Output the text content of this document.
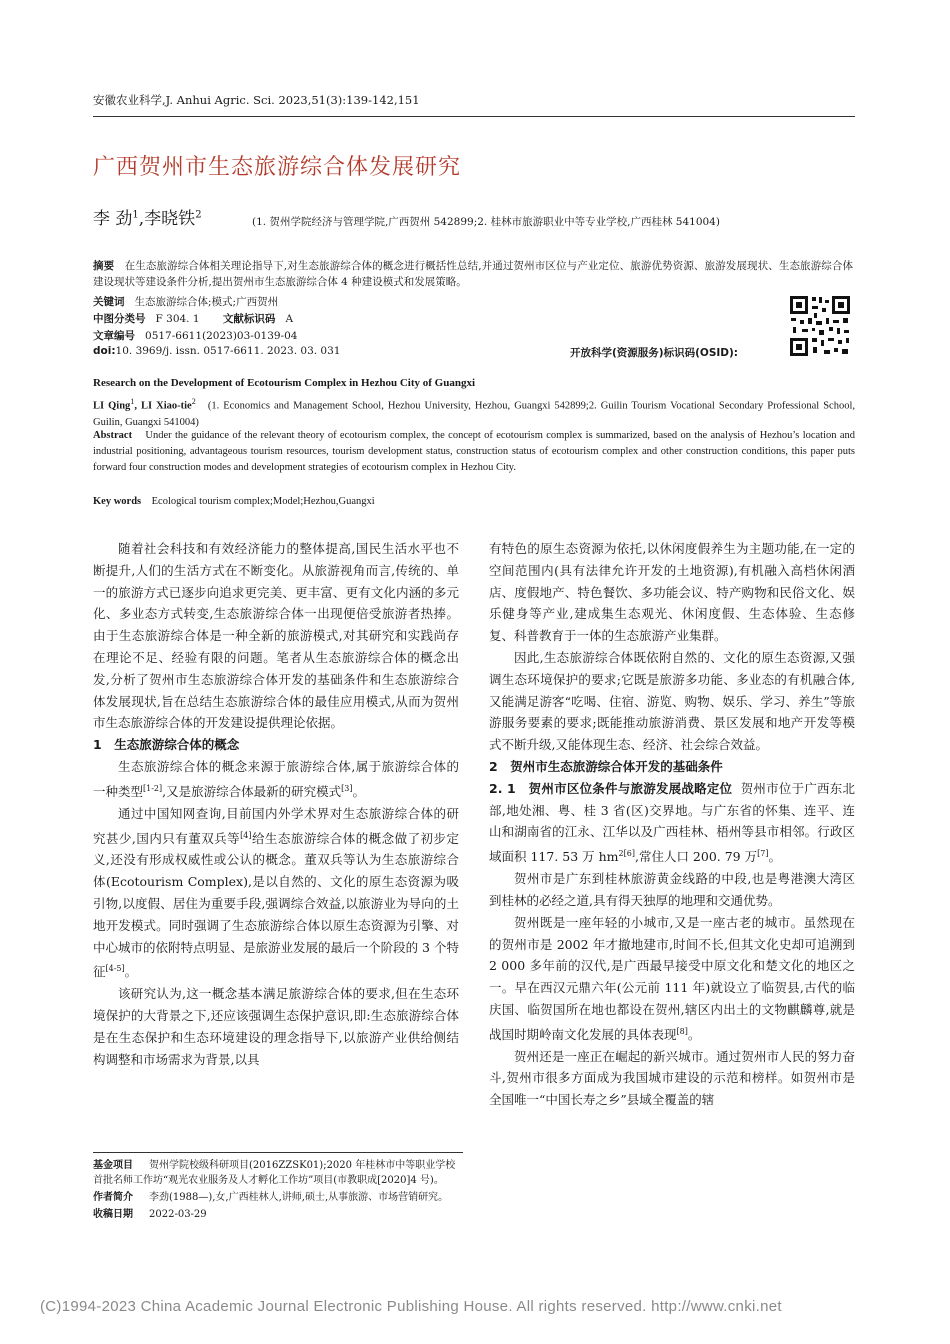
安徽农业科学,J. Anhui Agric. Sci. 2023,51(3):139-142,151
广西贺州市生态旅游综合体发展研究
李 劲$^1$,李晓铁$^2$
(1. 贺州学院经济与管理学院,广西贺州 542899;2. 桂林市旅游职业中等专业学校,广西桂林 541004)
摘要 在生态旅游综合体相关理论指导下,对生态旅游综合体的概念进行概括性总结,并通过贺州市区位与产业定位、旅游优势资源、旅游发展现状、生态旅游综合体建设现状等建设条件分析,提出贺州市生态旅游综合体 4 种建设模式和发展策略。
关键词 生态旅游综合体;模式;广西贺州
中图分类号 F 304. 1 文献标识码 A
文章编号 0517-6611(2023)03-0139-04
doi:10. 3969/j. issn. 0517-6611. 2023. 03. 031	开放科学(资源服务)标识码(OSID):
Research on the Development of Ecotourism Complex in Hezhou City of Guangxi
LI Qing$^1$, LI Xiao-tie$^2$ (1. Economics and Management School, Hezhou University, Hezhou, Guangxi 542899;2. Guilin Tourism Vocational Secondary Professional School, Guilin, Guangxi 541004)
Abstract Under the guidance of the relevant theory of ecotourism complex, the concept of ecotourism complex is summarized, based on the analysis of Hezhou’s location and industrial positioning, advantageous tourism resources, tourism development status, construction status of ecotourism complex and other construction conditions, this paper puts forward four construction modes and development strategies of ecotourism complex in Hezhou City.
Key words Ecological tourism complex;Model;Hezhou,Guangxi

随着社会科技和有效经济能力的整体提高,国民生活水平也不断提升,人们的生活方式在不断变化。从旅游视角而言,传统的、单一的旅游方式已逐步向追求更完美、更丰富、更有文化内涵的多元化、多业态方式转变,生态旅游综合体一出现便倍受旅游者热捧。由于生态旅游综合体是一种全新的旅游模式,对其研究和实践尚存在理论不足、经验有限的问题。笔者从生态旅游综合体的概念出发,分析了贺州市生态旅游综合体开发的基础条件和生态旅游综合体发展现状,旨在总结生态旅游综合体的最佳应用模式,从而为贺州市生态旅游综合体的开发建设提供理论依据。

1　生态旅游综合体的概念

生态旅游综合体的概念来源于旅游综合体,属于旅游综合体的一种类型[1-2],又是旅游综合体最新的研究模式[3]。

通过中国知网查询,目前国内外学术界对生态旅游综合体的研究甚少,国内只有董双兵等[4]给生态旅游综合体的概念做了初步定义,还没有形成权威性或公认的概念。董双兵等认为生态旅游综合体(Ecotourism Complex),是以自然的、文化的原生态资源为吸引物,以度假、居住为重要手段,强调综合效益,以旅游业为导向的土地开发模式。同时强调了生态旅游综合体以原生态资源为引擎、对中心城市的依附特点明显、是旅游业发展的最后一个阶段的 3 个特征[4-5]。

该研究认为,这一概念基本满足旅游综合体的要求,但在生态环境保护的大背景之下,还应该强调生态保护意识,即:生态旅游综合体是在生态保护和生态环境建设的理念指导下,以旅游产业供给侧结构调整和市场需求为背景,以具

有特色的原生态资源为依托,以休闲度假养生为主题功能,在一定的空间范围内(具有法律允许开发的土地资源),有机融入高档休闲酒店、度假地产、特色餐饮、多功能会议、特产购物和民俗文化、娱乐健身等产业,建成集生态观光、休闲度假、生态体验、生态修复、科普教育于一体的生态旅游产业集群。

因此,生态旅游综合体既依附自然的、文化的原生态资源,又强调生态环境保护的要求;它既是旅游多功能、多业态的有机融合体,又能满足游客“吃喝、住宿、游览、购物、娱乐、学习、养生”等旅游服务要素的要求;既能推动旅游消费、景区发展和地产开发等模式不断升级,又能体现生态、经济、社会综合效益。

2　贺州市生态旅游综合体开发的基础条件

2. 1　贺州市区位条件与旅游发展战略定位 贺州市位于广西东北部,地处湘、粤、桂 3 省(区)交界地。与广东省的怀集、连平、连山和湖南省的江永、江华以及广西桂林、梧州等县市相邻。行政区域面积 117. 53 万 $hm^{2[6]}$,常住人口 200. 79 万[7]。

贺州市是广东到桂林旅游黄金线路的中段,也是粤港澳大湾区到桂林的必经之道,具有得天独厚的地理和交通优势。

贺州既是一座年轻的小城市,又是一座古老的城市。虽然现在的贺州市是 2002 年才撤地建市,时间不长,但其文化史却可追溯到 2 000 多年前的汉代,是广西最早接受中原文化和楚文化的地区之一。早在西汉元鼎六年(公元前 111 年)就设立了临贺县,古代的临庆国、临贺国所在地也都设在贺州,辖区内出土的文物麒麟尊,就是战国时期岭南文化发展的具体表现[8]。

贺州还是一座正在崛起的新兴城市。通过贺州市人民的努力奋斗,贺州市很多方面成为我国城市建设的示范和榜样。如贺州市是全国唯一“中国长寿之乡”县域全覆盖的辖

基金项目 贺州学院校级科研项目(2016ZZSK01);2020 年桂林市中等职业学校首批名师工作坊“观光农业服务及人才孵化工作坊”项目(市教职成[2020]4 号)。
作者简介 李劲(1988—),女,广西桂林人,讲师,硕士,从事旅游、市场营销研究。
收稿日期 2022-03-29
(C)1994-2023 China Academic Journal Electronic Publishing House. All rights reserved. http://www.cnki.net
